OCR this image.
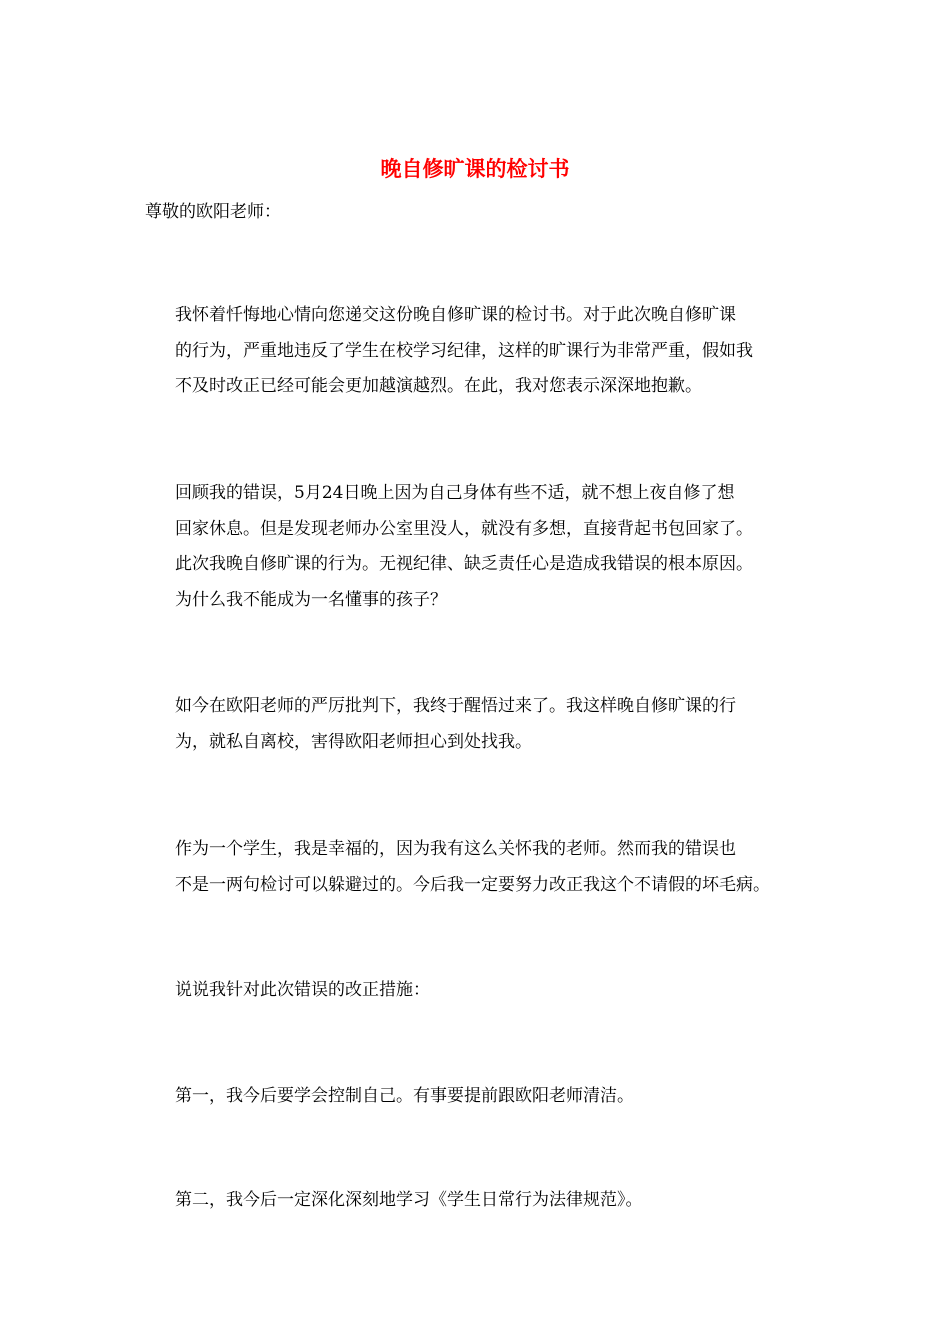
晚自修旷课的检讨书
尊敬的欧阳老师：

我怀着忏悔地心情向您递交这份晚自修旷课的检讨书。对于此次晚自修旷课
的行为，严重地违反了学生在校学习纪律，这样的旷课行为非常严重，假如我
不及时改正已经可能会更加越演越烈。在此，我对您表示深深地抱歉。

回顾我的错误，5月24日晚上因为自己身体有些不适，就不想上夜自修了想
回家休息。但是发现老师办公室里没人，就没有多想，直接背起书包回家了。
此次我晚自修旷课的行为。无视纪律、缺乏责任心是造成我错误的根本原因。
为什么我不能成为一名懂事的孩子？

如今在欧阳老师的严厉批判下，我终于醒悟过来了。我这样晚自修旷课的行
为，就私自离校，害得欧阳老师担心到处找我。

作为一个学生，我是幸福的，因为我有这么关怀我的老师。然而我的错误也
不是一两句检讨可以躲避过的。今后我一定要努力改正我这个不请假的坏毛病。

说说我针对此次错误的改正措施：

第一，我今后要学会控制自己。有事要提前跟欧阳老师清洁。

第二，我今后一定深化深刻地学习《学生日常行为法律规范》。
